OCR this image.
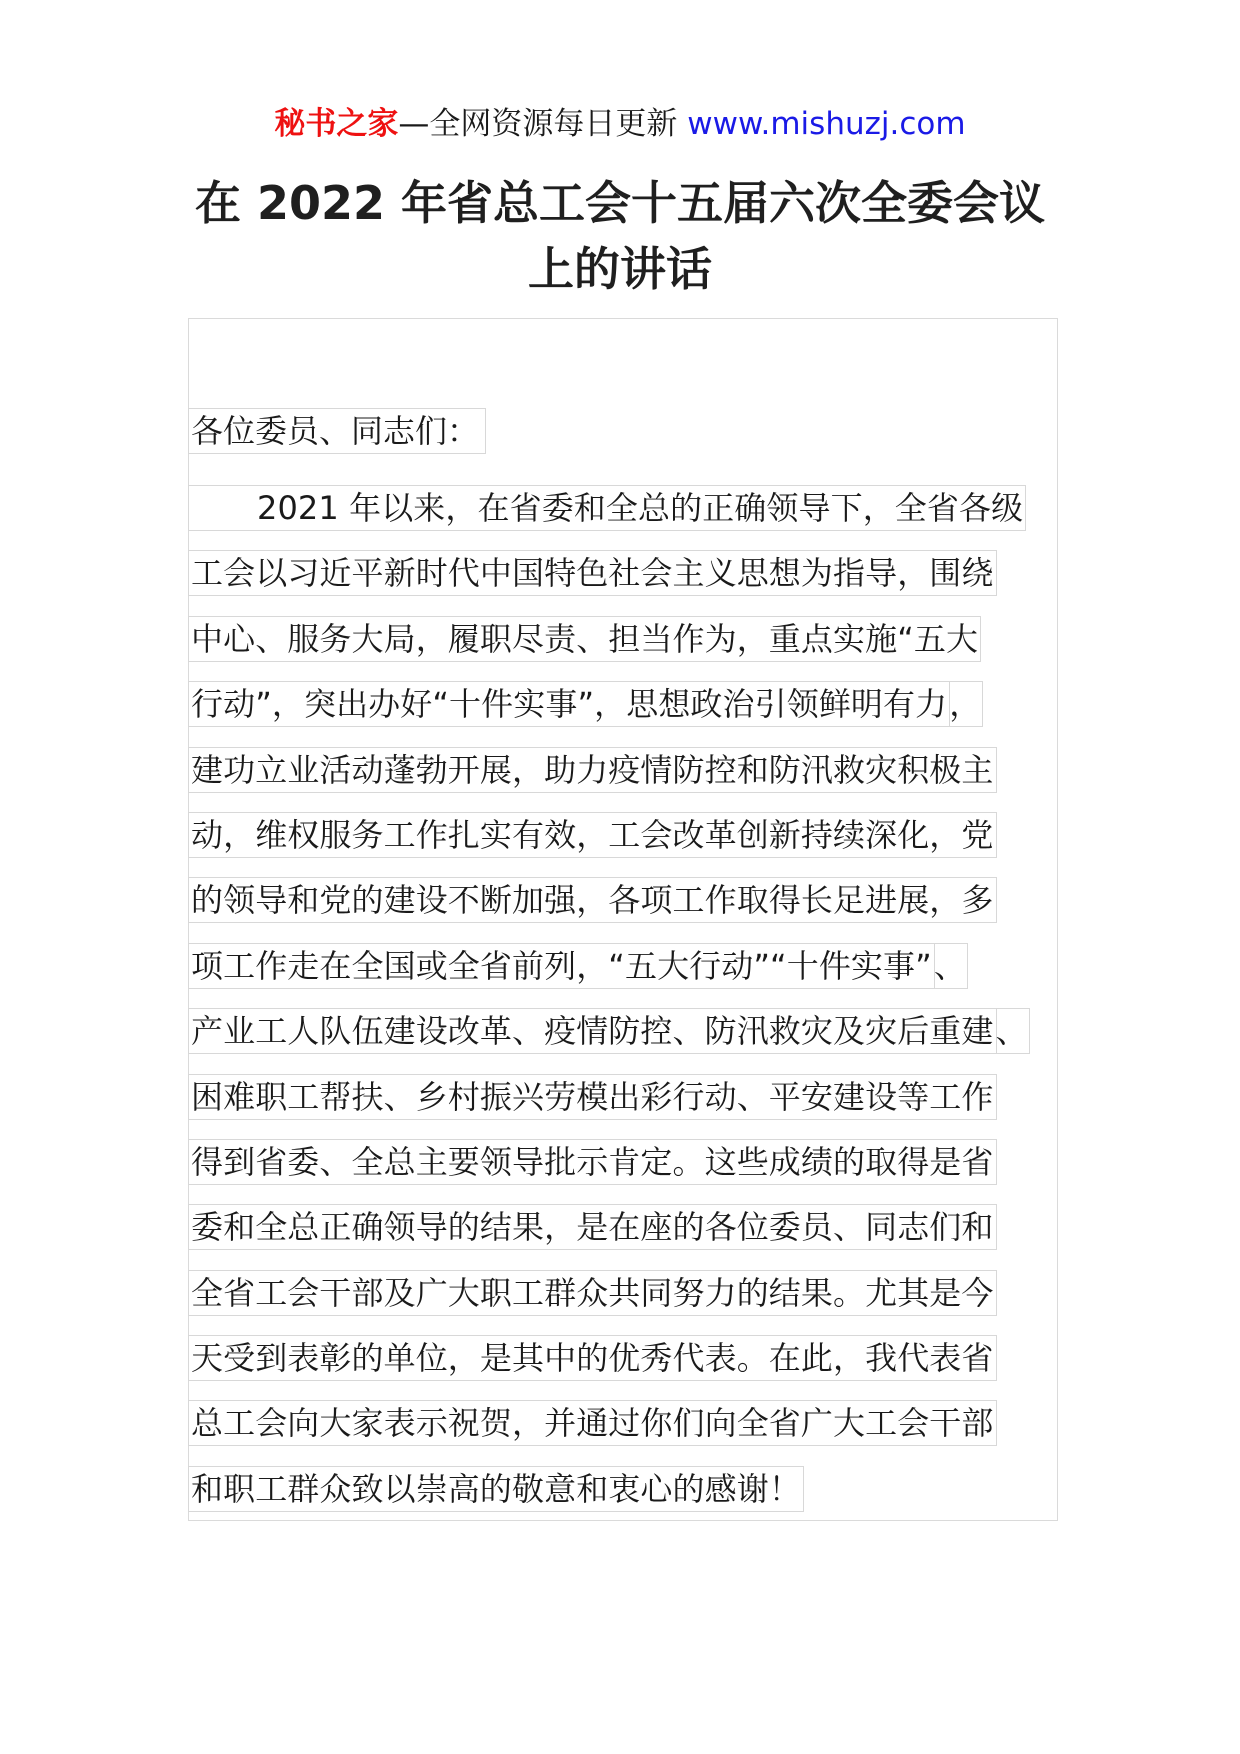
秘书之家—全网资源每日更新 www.mishuzj.com
在 2022 年省总工会十五届六次全委会议
上的讲话
各位委员、同志们：
2021 年以来，在省委和全总的正确领导下，全省各级
工会以习近平新时代中国特色社会主义思想为指导，围绕
中心、服务大局，履职尽责、担当作为，重点实施“五大
行动”，突出办好“十件实事”，思想政治引领鲜明有力，
建功立业活动蓬勃开展，助力疫情防控和防汛救灾积极主
动，维权服务工作扎实有效，工会改革创新持续深化，党
的领导和党的建设不断加强，各项工作取得长足进展，多
项工作走在全国或全省前列，“五大行动”“十件实事”、
产业工人队伍建设改革、疫情防控、防汛救灾及灾后重建、
困难职工帮扶、乡村振兴劳模出彩行动、平安建设等工作
得到省委、全总主要领导批示肯定。这些成绩的取得是省
委和全总正确领导的结果，是在座的各位委员、同志们和
全省工会干部及广大职工群众共同努力的结果。尤其是今
天受到表彰的单位，是其中的优秀代表。在此，我代表省
总工会向大家表示祝贺，并通过你们向全省广大工会干部
和职工群众致以崇高的敬意和衷心的感谢！
